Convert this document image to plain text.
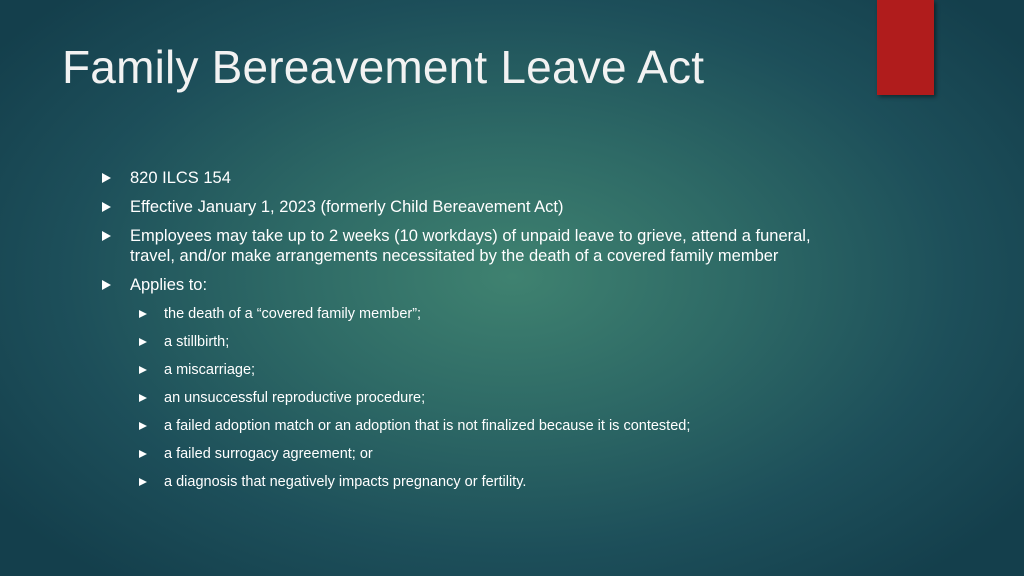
Family Bereavement Leave Act
820 ILCS 154
Effective January 1, 2023 (formerly Child Bereavement Act)
Employees may take up to 2 weeks (10 workdays) of unpaid leave to grieve, attend a funeral, travel, and/or make arrangements necessitated by the death of a covered family member
Applies to:
the death of a “covered family member”;
a stillbirth;
a miscarriage;
an unsuccessful reproductive procedure;
a failed adoption match or an adoption that is not finalized because it is contested;
a failed surrogacy agreement; or
a diagnosis that negatively impacts pregnancy or fertility.
